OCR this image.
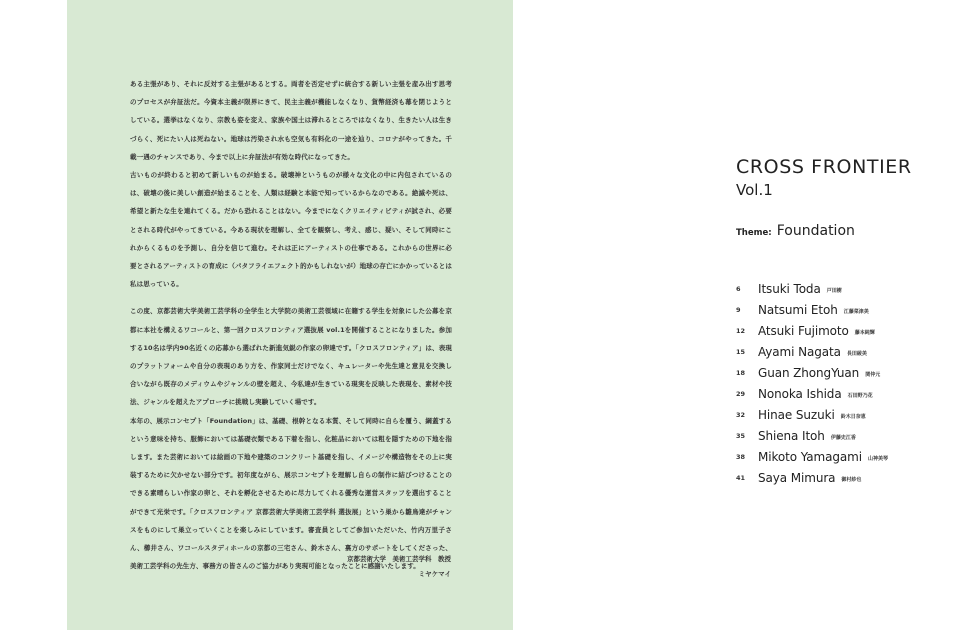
ある主張があり、それに反対する主張があるとする。両者を否定せずに統合する新しい主張を産み出す思考のプロセスが弁証法だ。今資本主義が限界にきて、民主主義が機能しなくなり、貨幣経済も幕を閉じようとしている。選挙はなくなり、宗教も姿を変え、家族や国土は滞れるところではなくなり、生きたい人は生きづらく、死にたい人は死ねない。地球は汚染され水も空気も有料化の一途を辿り、コロナがやってきた。千載一遇のチャンスであり、今まで以上に弁証法が有効な時代になってきた。

古いものが終わると初めて新しいものが始まる。破壊神というものが様々な文化の中に内包されているのは、破壊の後に美しい創造が始まることを、人類は経験と本能で知っているからなのである。絶滅や死は、希望と新たな生を連れてくる。だから恐れることはない。今までになくクリエイティビティが試され、必要とされる時代がやってきている。今ある現状を理解し、全てを観察し、考え、感じ、疑い、そして同時にこれからくるものを予測し、自分を信じて進む。それは正にアーティストの仕事である。これからの世界に必要とされるアーティストの育成に（パタフライエフェクト的かもしれないが）地球の存亡にかかっているとは私は思っている。

この度、京都芸術大学美術工芸学科の全学生と大学院の美術工芸領域に在籍する学生を対象にした公募を京都に本社を構えるワコールと、第一回クロスフロンティア選抜展 vol.1を開催することになりました。参加する10名は学内90名近くの応募から選ばれた新進気鋭の作家の卵達です。「クロスフロンティア」は、表現のプラットフォームや自分の表現のあり方を、作家同士だけでなく、キュレーターや先生達と意見を交換し合いながら既存のメディウムやジャンルの壁を超え、今私達が生きている現実を反映した表現を、素材や技法、ジャンルを超えたアプローチに挑戦し実験していく場です。

本年の、展示コンセプト「Foundation」は、基礎、根幹となる本質、そして同時に自らを覆う、綱蓋するという意味を持ち、服飾においては基礎衣類である下着を指し、化粧品においては粗を隠すための下地を指します。また芸術においては絵画の下地や建築のコンクリート基礎を指し、イメージや構造物をその上に実装するために欠かせない部分です。初年度ながら、展示コンセプトを理解し自らの制作に結びつけることのできる素晴らしい作家の卵と、それを孵化させるために尽力してくれる優秀な運営スタッフを選出することができて光栄です。「クロスフロンティア 京都芸術大学美術工芸学科 選抜展」という巣から雛鳥達がチャンスをものにして巣立っていくことを楽しみにしています。審査員としてご参加いただいた、竹内万里子さん、櫛井さん、ワコールスタディホールの京都の三宅さん、鈴木さん、裏方のサポートをしてくださった、美術工芸学科の先生方、事務方の皆さんのご協力があり実現可能となったことに感謝いたします。

京都芸術大学　美術工芸学科　教授
ミヤケマイ
CROSS FRONTIER
Vol.1
Theme: Foundation
6	Itsuki Toda 戸田樹
9	Natsumi Etoh 江藤菜津美
12	Atsuki Fujimoto 藤本純輝
15	Ayami Nagata 長田綾美
18	Guan ZhongYuan 関仲元
29	Nonoka Ishida 石田野乃花
32	Hinae Suzuki 鈴木日奈恵
35	Shiena Itoh 伊藤史江香
38	Mikoto Yamagami 山神美琴
41	Saya Mimura 御村紗也
